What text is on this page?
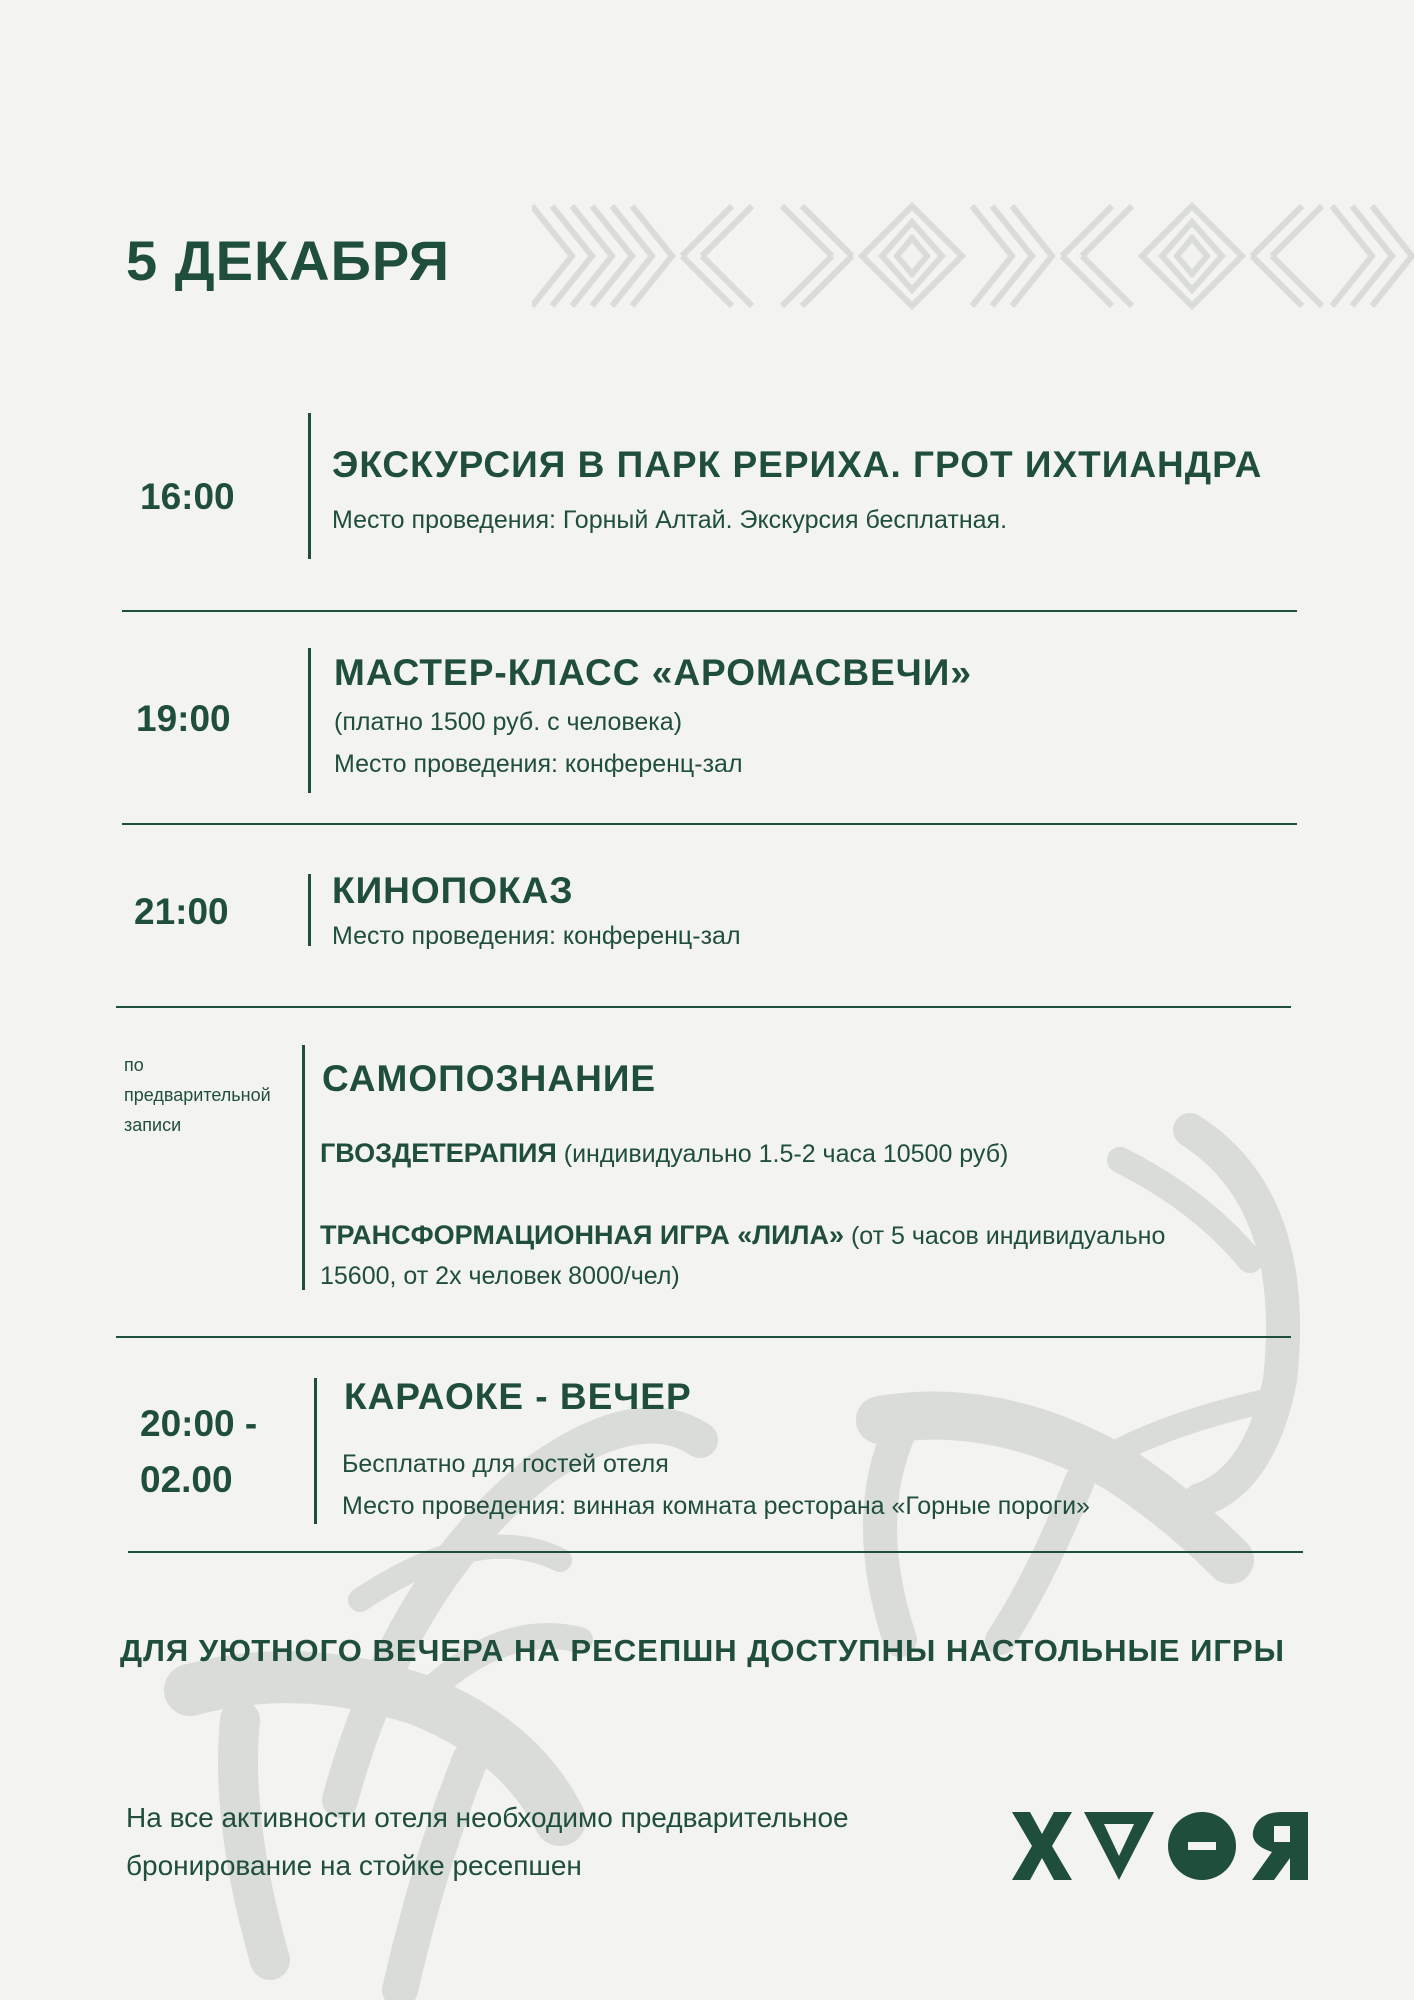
5 ДЕКАБРЯ
16:00
ЭКСКУРСИЯ В ПАРК РЕРИХА. ГРОТ ИХТИАНДРА
Место проведения: Горный Алтай. Экскурсия бесплатная.
19:00
МАСТЕР-КЛАСС «АРОМАСВЕЧИ»
(платно 1500 руб. с человека)
Место проведения: конференц-зал
21:00
КИНОПОКАЗ
Место проведения: конференц-зал
по
предварительной
записи
САМОПОЗНАНИЕ
ГВОЗДЕТЕРАПИЯ (индивидуально 1.5-2 часа 10500 руб)
ТРАНСФОРМАЦИОННАЯ ИГРА «ЛИЛА» (от 5 часов индивидуально
15600, от 2х человек 8000/чел)
20:00 -
02.00
КАРАОКЕ - ВЕЧЕР
Бесплатно для гостей отеля
Место проведения: винная комната ресторана «Горные пороги»
ДЛЯ УЮТНОГО ВЕЧЕРА НА РЕСЕПШН ДОСТУПНЫ НАСТОЛЬНЫЕ ИГРЫ
На все активности отеля необходимо предварительное
бронирование на стойке ресепшен
